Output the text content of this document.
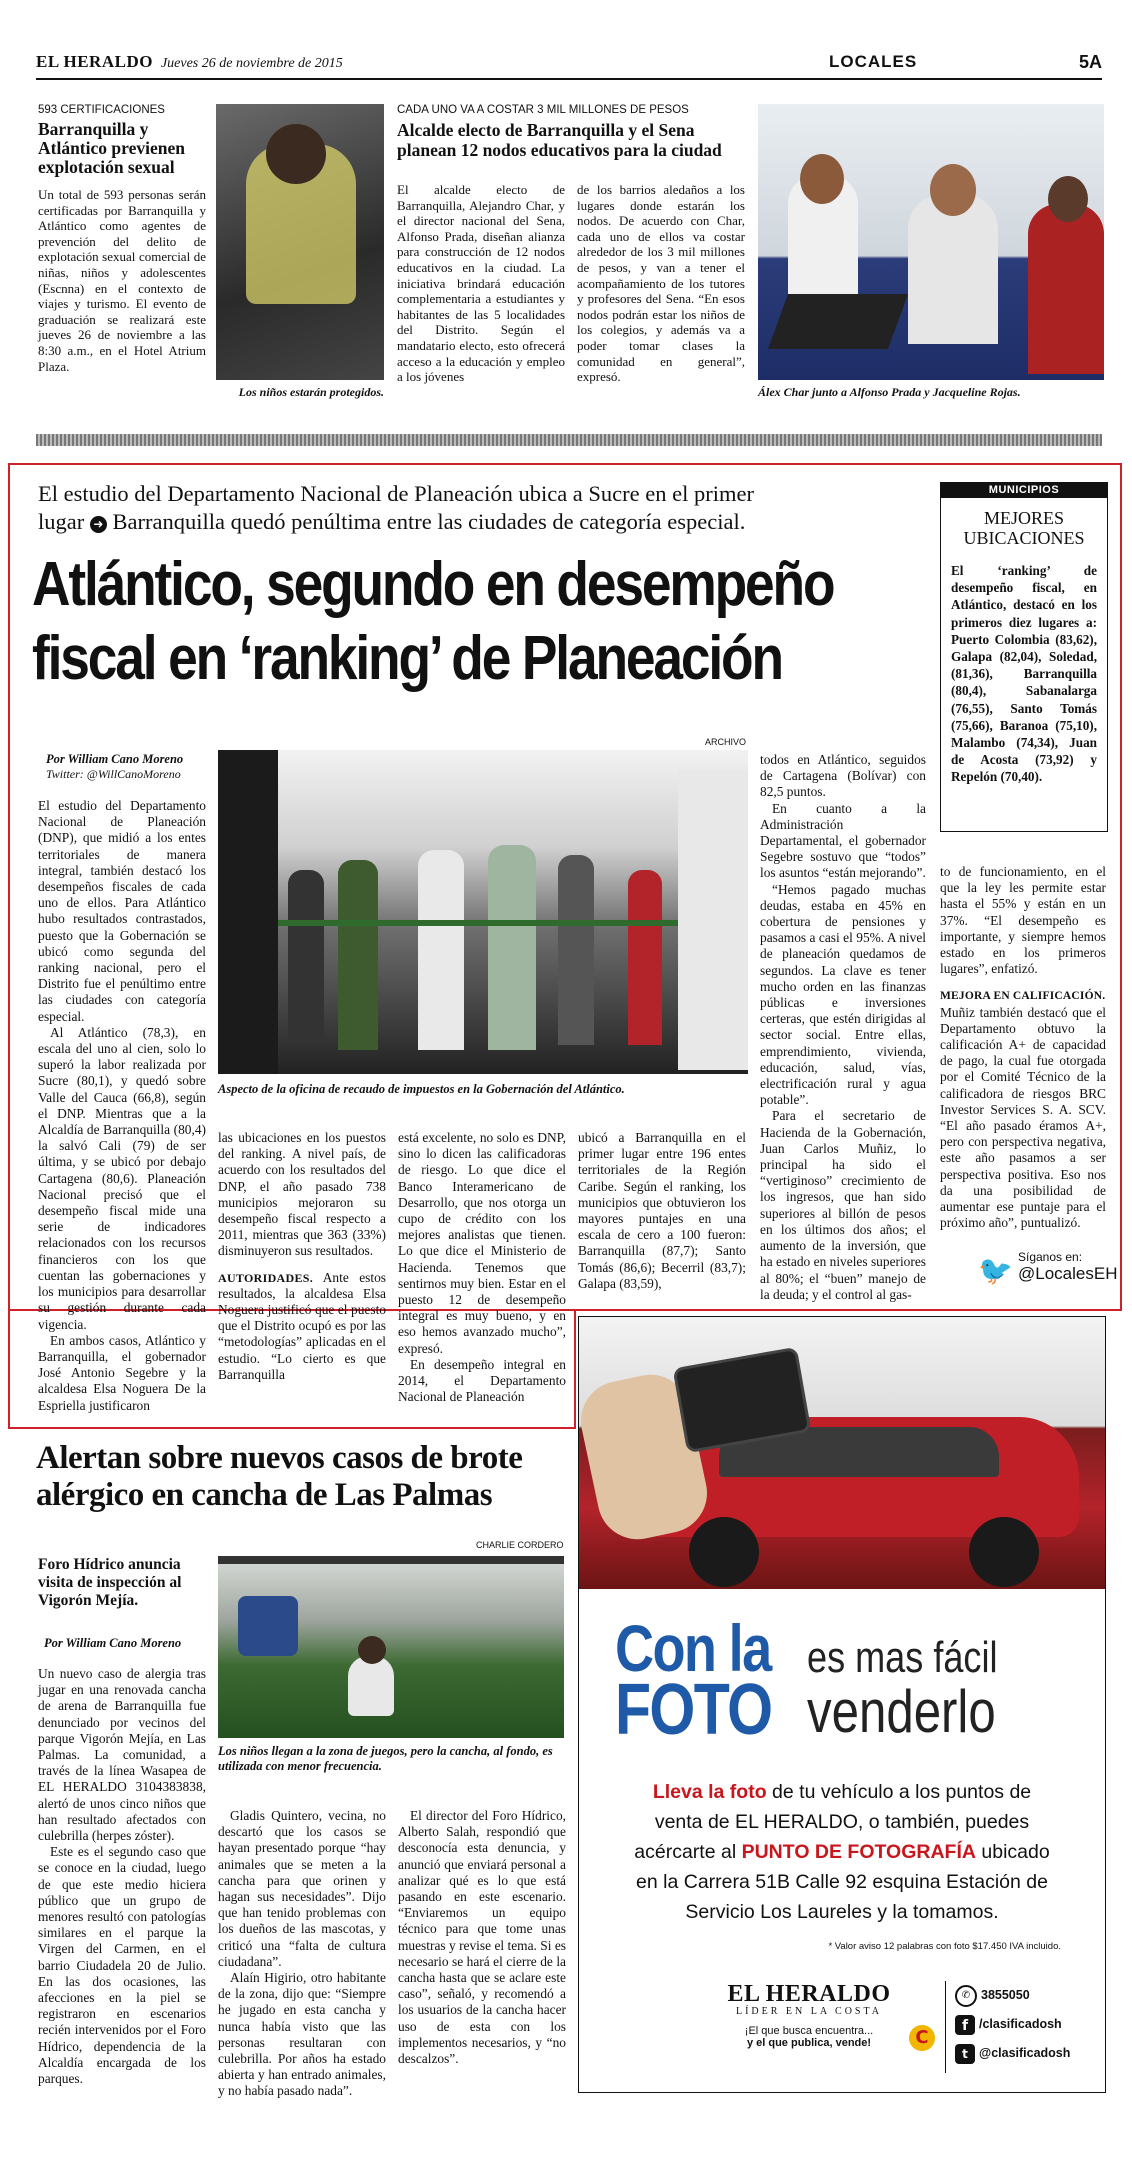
EL HERALDO Jueves 26 de noviembre de 2015	LOCALES	5A
593 CERTIFICACIONES
Barranquilla y Atlántico previenen explotación sexual
Un total de 593 personas serán certificadas por Barranquilla y Atlántico como agentes de prevención del delito de explotación sexual comercial de niñas, niños y adolescentes (Escnna) en el contexto de viajes y turismo. El evento de graduación se realizará este jueves 26 de noviembre a las 8:30 a.m., en el Hotel Atrium Plaza.
Los niños estarán protegidos.
CADA UNO VA A COSTAR 3 MIL MILLONES DE PESOS
Alcalde electo de Barranquilla y el Sena planean 12 nodos educativos para la ciudad
El alcalde electo de Barranquilla, Alejandro Char, y el director nacional del Sena, Alfonso Prada, diseñan alianza para construcción de 12 nodos educativos en la ciudad. La iniciativa brindará educación complementaria a estudiantes y habitantes de las 5 localidades del Distrito. Según el mandatario electo, esto ofrecerá acceso a la educación y empleo a los jóvenes
de los barrios aledaños a los lugares donde estarán los nodos. De acuerdo con Char, cada uno de ellos va costar alrededor de los 3 mil millones de pesos, y van a tener el acompañamiento de los tutores y profesores del Sena. “En esos nodos podrán estar los niños de los colegios, y además va a poder tomar clases la comunidad en general”, expresó.
Álex Char junto a Alfonso Prada y Jacqueline Rojas.
El estudio del Departamento Nacional de Planeación ubica a Sucre en el primer
lugar ➜ Barranquilla quedó penúltima entre las ciudades de categoría especial.
Atlántico, segundo en desempeño
fiscal en ‘ranking’ de Planeación
MUNICIPIOS
MEJORES UBICACIONES
El ‘ranking’ de desempeño fiscal, en Atlántico, destacó en los primeros diez lugares a: Puerto Colombia (83,62), Galapa (82,04), Soledad, (81,36), Barranquilla (80,4), Sabanalarga (76,55), Santo Tomás (75,66), Baranoa (75,10), Malambo (74,34), Juan de Acosta (73,92) y Repelón (70,40).
Por William Cano Moreno
Twitter: @WillCanoMoreno
ARCHIVO
Aspecto de la oficina de recaudo de impuestos en la Gobernación del Atlántico.

El estudio del Departamento Nacional de Planeación (DNP), que midió a los entes territoriales de manera integral, también destacó los desempeños fiscales de cada uno de ellos. Para Atlántico hubo resultados contrastados, puesto que la Gobernación se ubicó como segunda del ranking nacional, pero el Distrito fue el penúltimo entre las ciudades con categoría especial.

Al Atlántico (78,3), en escala del uno al cien, solo lo superó la labor realizada por Sucre (80,1), y quedó sobre Valle del Cauca (66,8), según el DNP. Mientras que a la Alcaldía de Barranquilla (80,4) la salvó Cali (79) de ser última, y se ubicó por debajo Cartagena (80,6). Planeación Nacional precisó que el desempeño fiscal mide una serie de indicadores relacionados con los recursos financieros con los que cuentan las gobernaciones y los municipios para desarrollar su gestión durante cada vigencia.

En ambos casos, Atlántico y Barranquilla, el gobernador José Antonio Segebre y la alcaldesa Elsa Noguera De la Espriella justificaron

las ubicaciones en los puestos del ranking. A nivel país, de acuerdo con los resultados del DNP, el año pasado 738 municipios mejoraron su desempeño fiscal respecto a 2011, mientras que 363 (33%) disminuyeron sus resultados.

AUTORIDADES. Ante estos resultados, la alcaldesa Elsa Noguera justificó que el puesto que el Distrito ocupó es por las “metodologías” aplicadas en el estudio. “Lo cierto es que Barranquilla

está excelente, no solo es DNP, sino lo dicen las calificadoras de riesgo. Lo que dice el Banco Interamericano de Desarrollo, que nos otorga un cupo de crédito con los mejores analistas que tienen. Lo que dice el Ministerio de Hacienda. Tenemos que sentirnos muy bien. Estar en el puesto 12 de desempeño integral es muy bueno, y en eso hemos avanzado mucho”, expresó.

En desempeño integral en 2014, el Departamento Nacional de Planeación

ubicó a Barranquilla en el primer lugar entre 196 entes territoriales de la Región Caribe. Según el ranking, los municipios que obtuvieron los mayores puntajes en una escala de cero a 100 fueron: Barranquilla (87,7); Santo Tomás (86,6); Becerril (83,7); Galapa (83,59),

todos en Atlántico, seguidos de Cartagena (Bolívar) con 82,5 puntos.

En cuanto a la Administración Departamental, el gobernador Segebre sostuvo que “todos” los asuntos “están mejorando”.

“Hemos pagado muchas deudas, estaba en 45% en cobertura de pensiones y pasamos a casi el 95%. A nivel de planeación quedamos de segundos. La clave es tener mucho orden en las finanzas públicas e inversiones certeras, que estén dirigidas al sector social. Entre ellas, emprendimiento, vivienda, educación, salud, vías, electrificación rural y agua potable”.

Para el secretario de Hacienda de la Gobernación, Juan Carlos Muñiz, lo principal ha sido el “vertiginoso” crecimiento de los ingresos, que han sido superiores al billón de pesos en los últimos dos años; el aumento de la inversión, que ha estado en niveles superiores al 80%; el “buen” manejo de la deuda; y el control al gas-

to de funcionamiento, en el que la ley les permite estar hasta el 55% y están en un 37%. “El desempeño es importante, y siempre hemos estado en los primeros lugares”, enfatizó.

MEJORA EN CALIFICACIÓN.

Muñiz también destacó que el Departamento obtuvo la calificación A+ de capacidad de pago, la cual fue otorgada por el Comité Técnico de la calificadora de riesgos BRC Investor Services S. A. SCV. “El año pasado éramos A+, pero con perspectiva negativa, este año pasamos a ser perspectiva positiva. Eso nos da una posibilidad de aumentar ese puntaje para el próximo año”, puntualizó.

🐦 Síganos en:
@LocalesEH
Alertan sobre nuevos casos de brote alérgico en cancha de Las Palmas
CHARLIE CORDERO
Foro Hídrico anuncia visita de inspección al Vigorón Mejía.
Por William Cano Moreno
Los niños llegan a la zona de juegos, pero la cancha, al fondo, es utilizada con menor frecuencia.

Un nuevo caso de alergia tras jugar en una renovada cancha de arena de Barranquilla fue denunciado por vecinos del parque Vigorón Mejía, en Las Palmas. La comunidad, a través de la línea Wasapea de EL HERALDO 3104383838, alertó de unos cinco niños que han resultado afectados con culebrilla (herpes zóster).

Este es el segundo caso que se conoce en la ciudad, luego de que este medio hiciera público que un grupo de menores resultó con patologías similares en el parque la Virgen del Carmen, en el barrio Ciudadela 20 de Julio. En las dos ocasiones, las afecciones en la piel se registraron en escenarios recién intervenidos por el Foro Hídrico, dependencia de la Alcaldía encargada de los parques.

Gladis Quintero, vecina, no descartó que los casos se hayan presentado porque “hay animales que se meten a la cancha para que orinen y hagan sus necesidades”. Dijo que han tenido problemas con los dueños de las mascotas, y criticó una “falta de cultura ciudadana”.

Alaín Higirio, otro habitante de la zona, dijo que: “Siempre he jugado en esta cancha y nunca había visto que las personas resultaran con culebrilla. Por años ha estado abierta y han entrado animales, y no había pasado nada”.

El director del Foro Hídrico, Alberto Salah, respondió que desconocía esta denuncia, y anunció que enviará personal a analizar qué es lo que está pasando en este escenario. “Enviaremos un equipo técnico para que tome unas muestras y revise el tema. Si es necesario se hará el cierre de la cancha hasta que se aclare este caso”, señaló, y recomendó a los usuarios de la cancha hacer uso de esta con los implementos necesarios, y “no descalzos”.

Con la
FOTO
es mas fácil
venderlo
Lleva la foto de tu vehículo a los puntos de
venta de EL HERALDO, o también, puedes
acércarte al PUNTO DE FOTOGRAFÍA ubicado
en la Carrera 51B Calle 92 esquina Estación de
Servicio Los Laureles y la tomamos.
* Valor aviso 12 palabras con foto $17.450 IVA incluido.
EL HERALDO
LÍDER EN LA COSTA
¡El que busca encuentra...
y el que publica, vende!	C
✆ 3855050
f /clasificadosh
t @clasificadosh
